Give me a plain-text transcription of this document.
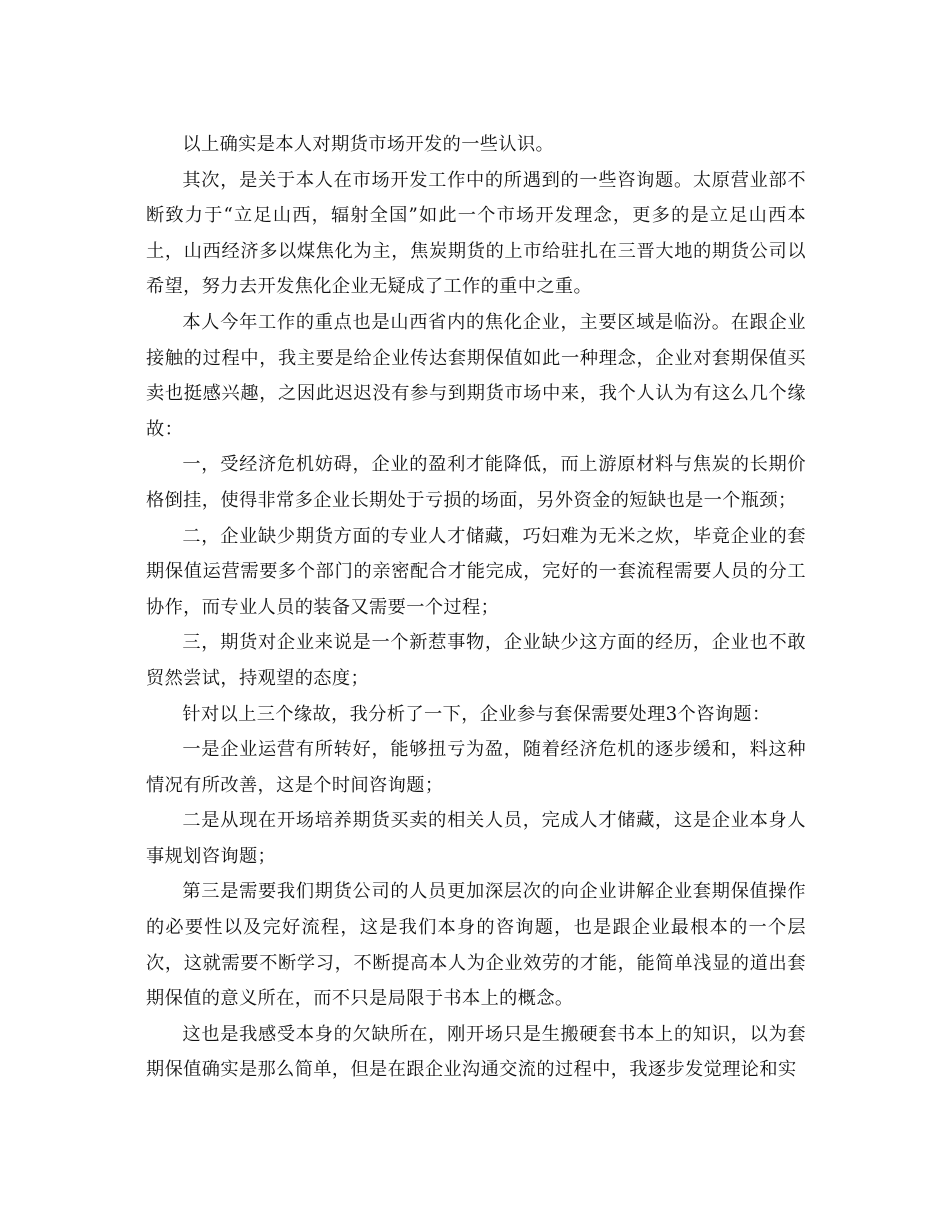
以上确实是本人对期货市场开发的一些认识。

其次，是关于本人在市场开发工作中的所遇到的一些咨询题。太原营业部不断致力于“立足山西，辐射全国”如此一个市场开发理念，更多的是立足山西本土，山西经济多以煤焦化为主，焦炭期货的上市给驻扎在三晋大地的期货公司以希望，努力去开发焦化企业无疑成了工作的重中之重。

本人今年工作的重点也是山西省内的焦化企业，主要区域是临汾。在跟企业接触的过程中，我主要是给企业传达套期保值如此一种理念，企业对套期保值买卖也挺感兴趣，之因此迟迟没有参与到期货市场中来，我个人认为有这么几个缘故：

一，受经济危机妨碍，企业的盈利才能降低，而上游原材料与焦炭的长期价格倒挂，使得非常多企业长期处于亏损的场面，另外资金的短缺也是一个瓶颈；

二，企业缺少期货方面的专业人才储藏，巧妇难为无米之炊，毕竟企业的套期保值运营需要多个部门的亲密配合才能完成，完好的一套流程需要人员的分工协作，而专业人员的装备又需要一个过程；

三，期货对企业来说是一个新惹事物，企业缺少这方面的经历，企业也不敢贸然尝试，持观望的态度；

针对以上三个缘故，我分析了一下，企业参与套保需要处理3个咨询题：

一是企业运营有所转好，能够扭亏为盈，随着经济危机的逐步缓和，料这种情况有所改善，这是个时间咨询题；

二是从现在开场培养期货买卖的相关人员，完成人才储藏，这是企业本身人事规划咨询题；

第三是需要我们期货公司的人员更加深层次的向企业讲解企业套期保值操作的必要性以及完好流程，这是我们本身的咨询题，也是跟企业最根本的一个层次，这就需要不断学习，不断提高本人为企业效劳的才能，能简单浅显的道出套期保值的意义所在，而不只是局限于书本上的概念。

这也是我感受本身的欠缺所在，刚开场只是生搬硬套书本上的知识，以为套期保值确实是那么简单，但是在跟企业沟通交流的过程中，我逐步发觉理论和实
